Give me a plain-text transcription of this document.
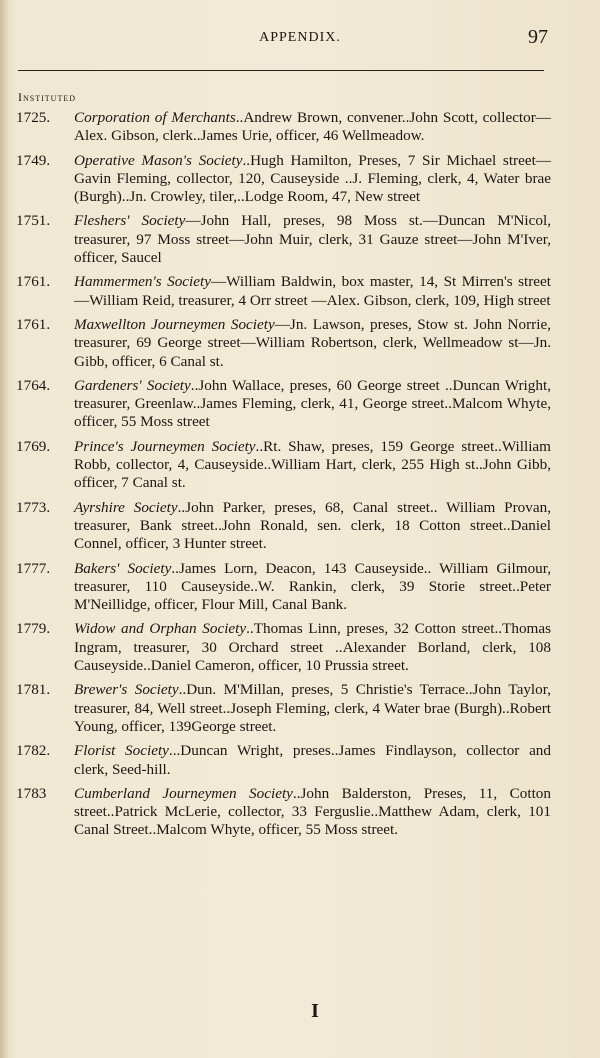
APPENDIX.	97
Instituted
1725. Corporation of Merchants..Andrew Brown, convener..John Scott, collector—Alex. Gibson, clerk..James Urie, officer, 46 Wellmeadow.
1749. Operative Mason's Society..Hugh Hamilton, Preses, 7 Sir Michael street—Gavin Fleming, collector, 120, Causeyside ..J. Fleming, clerk, 4, Water brae (Burgh)..Jn. Crowley, tiler,..Lodge Room, 47, New street
1751. Fleshers' Society—John Hall, preses, 98 Moss st.—Duncan M'Nicol, treasurer, 97 Moss street—John Muir, clerk, 31 Gauze street—John M'Iver, officer, Saucel
1761. Hammermen's Society—William Baldwin, box master, 14, St Mirren's street—William Reid, treasurer, 4 Orr street —Alex. Gibson, clerk, 109, High street
1761. Maxwellton Journeymen Society—Jn. Lawson, preses, Stow st. John Norrie, treasurer, 69 George street—William Robertson, clerk, Wellmeadow st—Jn. Gibb, officer, 6 Canal st.
1764. Gardeners' Society..John Wallace, preses, 60 George street ..Duncan Wright, treasurer, Greenlaw..James Fleming, clerk, 41, George street..Malcom Whyte, officer, 55 Moss street
1769. Prince's Journeymen Society..Rt. Shaw, preses, 159 George street..William Robb, collector, 4, Causeyside..William Hart, clerk, 255 High st..John Gibb, officer, 7 Canal st.
1773. Ayrshire Society..John Parker, preses, 68, Canal street.. William Provan, treasurer, Bank street..John Ronald, sen. clerk, 18 Cotton street..Daniel Connel, officer, 3 Hunter street.
1777. Bakers' Society..James Lorn, Deacon, 143 Causeyside.. William Gilmour, treasurer, 110 Causeyside..W. Rankin, clerk, 39 Storie street..Peter M'Neillidge, officer, Flour Mill, Canal Bank.
1779. Widow and Orphan Society..Thomas Linn, preses, 32 Cotton street..Thomas Ingram, treasurer, 30 Orchard street ..Alexander Borland, clerk, 108 Causeyside..Daniel Cameron, officer, 10 Prussia street.
1781. Brewer's Society..Dun. M'Millan, preses, 5 Christie's Terrace..John Taylor, treasurer, 84, Well street..Joseph Fleming, clerk, 4 Water brae (Burgh)..Robert Young, officer, 139George street.
1782. Florist Society...Duncan Wright, preses..James Findlayson, collector and clerk, Seed-hill.
1783 Cumberland Journeymen Society..John Balderston, Preses, 11, Cotton street..Patrick McLerie, collector, 33 Ferguslie..Matthew Adam, clerk, 101 Canal Street..Malcom Whyte, officer, 55 Moss street.
I
